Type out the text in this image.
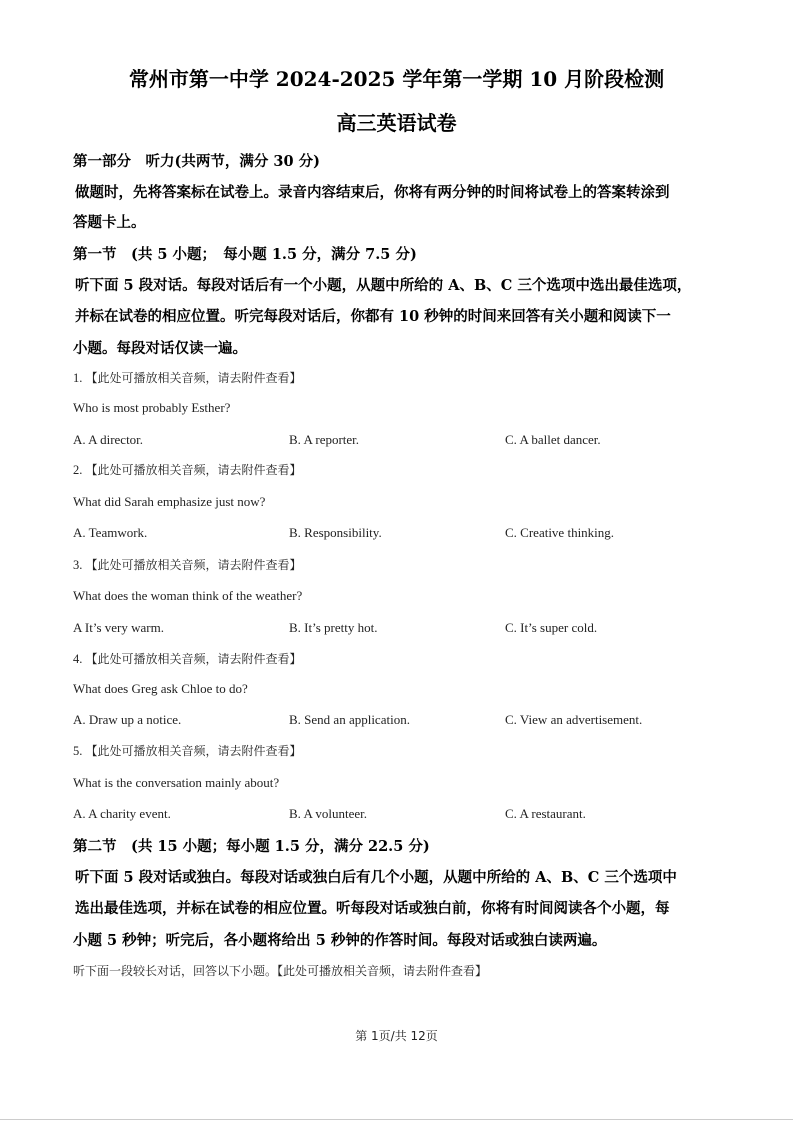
常州市第一中学 2024-2025 学年第一学期 10 月阶段检测
高三英语试卷
第一部分　听力(共两节，满分 30 分)
做题时，先将答案标在试卷上。录音内容结束后，你将有两分钟的时间将试卷上的答案转涂到
答题卡上。
第一节　(共 5 小题；　每小题 1.5 分，满分 7.5 分)
听下面 5 段对话。每段对话后有一个小题，从题中所给的 A、B、C 三个选项中选出最佳选项，
并标在试卷的相应位置。听完每段对话后，你都有 10 秒钟的时间来回答有关小题和阅读下一
小题。每段对话仅读一遍。
1. 【此处可播放相关音频，请去附件查看】
Who is most probably Esther?
A. A director.	B. A reporter.	C. A ballet dancer.
2. 【此处可播放相关音频，请去附件查看】
What did Sarah emphasize just now?
A. Teamwork.	B. Responsibility.	C. Creative thinking.
3. 【此处可播放相关音频，请去附件查看】
What does the woman think of the weather?
A It’s very warm.	B. It’s pretty hot.	C. It’s super cold.
4. 【此处可播放相关音频，请去附件查看】
What does Greg ask Chloe to do?
A. Draw up a notice.	B. Send an application.	C. View an advertisement.
5. 【此处可播放相关音频，请去附件查看】
What is the conversation mainly about?
A. A charity event.	B. A volunteer.	C. A restaurant.
第二节　(共 15 小题；每小题 1.5 分，满分 22.5 分)
听下面 5 段对话或独白。每段对话或独白后有几个小题，从题中所给的 A、B、C 三个选项中
选出最佳选项，并标在试卷的相应位置。听每段对话或独白前，你将有时间阅读各个小题，每
小题 5 秒钟；听完后，各小题将给出 5 秒钟的作答时间。每段对话或独白读两遍。
听下面一段较长对话，回答以下小题。【此处可播放相关音频，请去附件查看】
第 1页/共 12页
